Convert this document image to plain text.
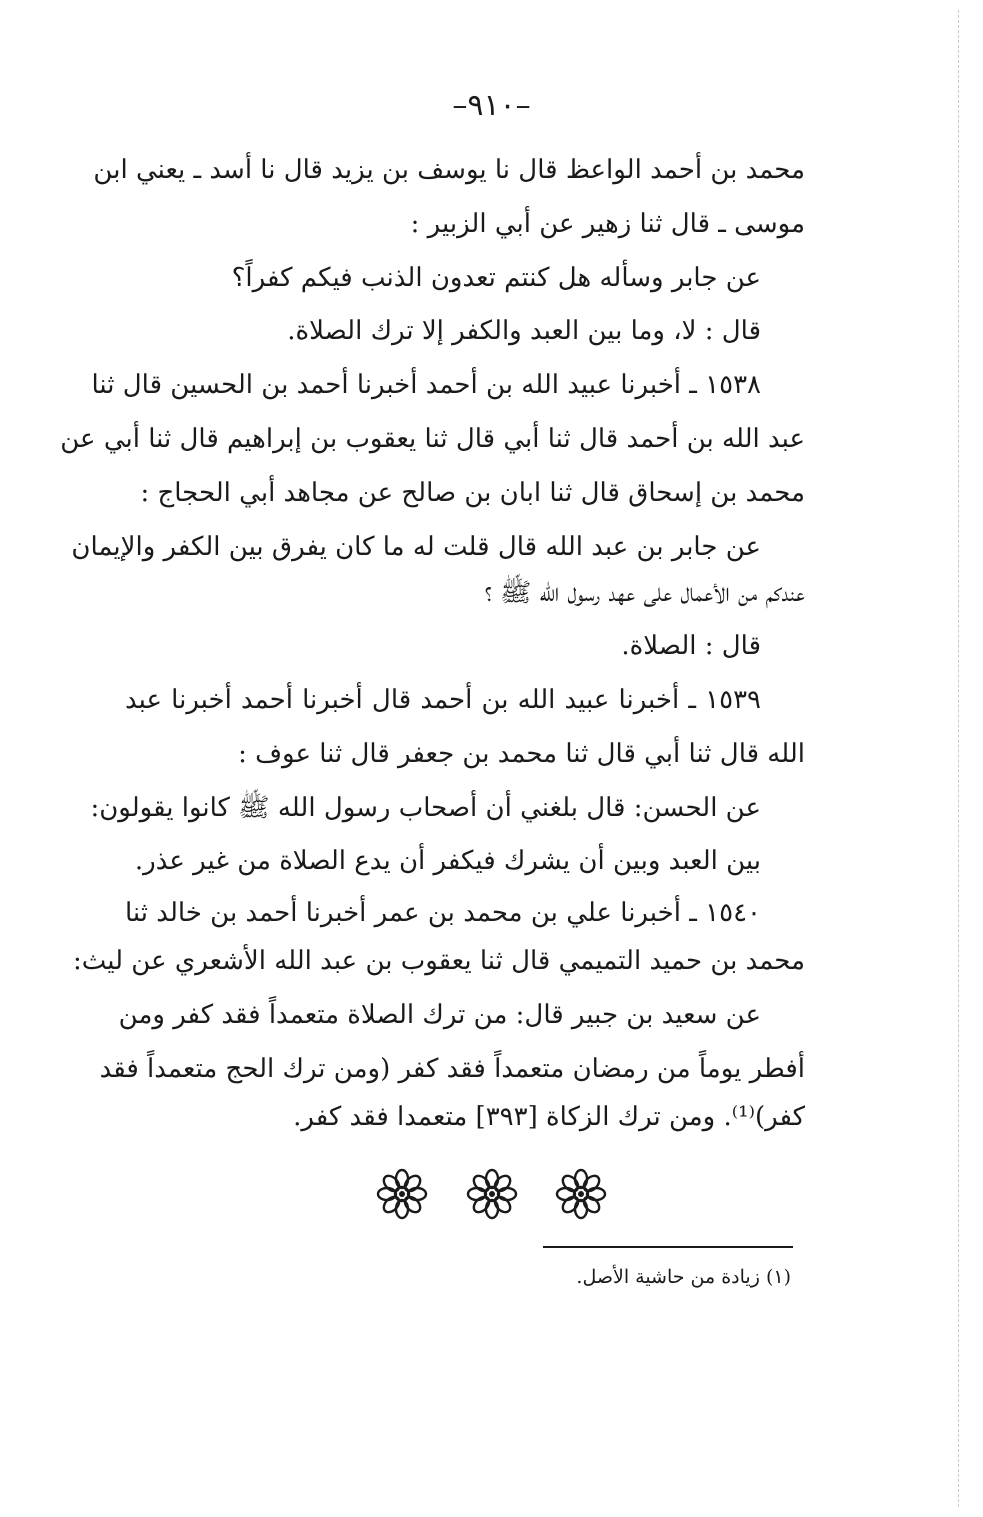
–٩١٠–
محمد بن أحمد الواعظ قال نا يوسف بن يزيد قال نا أسد ـ يعني ابن
موسى ـ قال ثنا زهير عن أبي الزبير :
عن جابر وسأله هل كنتم تعدون الذنب فيكم كفراً؟
قال : لا، وما بين العبد والكفر إلا ترك الصلاة.
١٥٣٨ ـ أخبرنا عبيد الله بن أحمد أخبرنا أحمد بن الحسين قال ثنا
عبد الله بن أحمد قال ثنا أبي قال ثنا يعقوب بن إبراهيم قال ثنا أبي عن
محمد بن إسحاق قال ثنا ابان بن صالح عن مجاهد أبي الحجاج :
عن جابر بن عبد الله قال قلت له ما كان يفرق بين الكفر والإيمان
عندكم من الأعمال على عهد رسول الله ﷺ ؟
قال : الصلاة.
١٥٣٩ ـ أخبرنا عبيد الله بن أحمد قال أخبرنا أحمد أخبرنا عبد
الله قال ثنا أبي قال ثنا محمد بن جعفر قال ثنا عوف :
عن الحسن: قال بلغني أن أصحاب رسول الله ﷺ كانوا يقولون:
بين العبد وبين أن يشرك فيكفر أن يدع الصلاة من غير عذر.
١٥٤٠ ـ أخبرنا علي بن محمد بن عمر أخبرنا أحمد بن خالد ثنا
محمد بن حميد التميمي قال ثنا يعقوب بن عبد الله الأشعري عن ليث:
عن سعيد بن جبير قال: من ترك الصلاة متعمداً فقد كفر ومن
أفطر يوماً من رمضان متعمداً فقد كفر (ومن ترك الحج متعمداً فقد
كفر)⁽¹⁾. ومن ترك الزكاة [٣٩٣] متعمدا فقد كفر.

(١) زيادة من حاشية الأصل.
